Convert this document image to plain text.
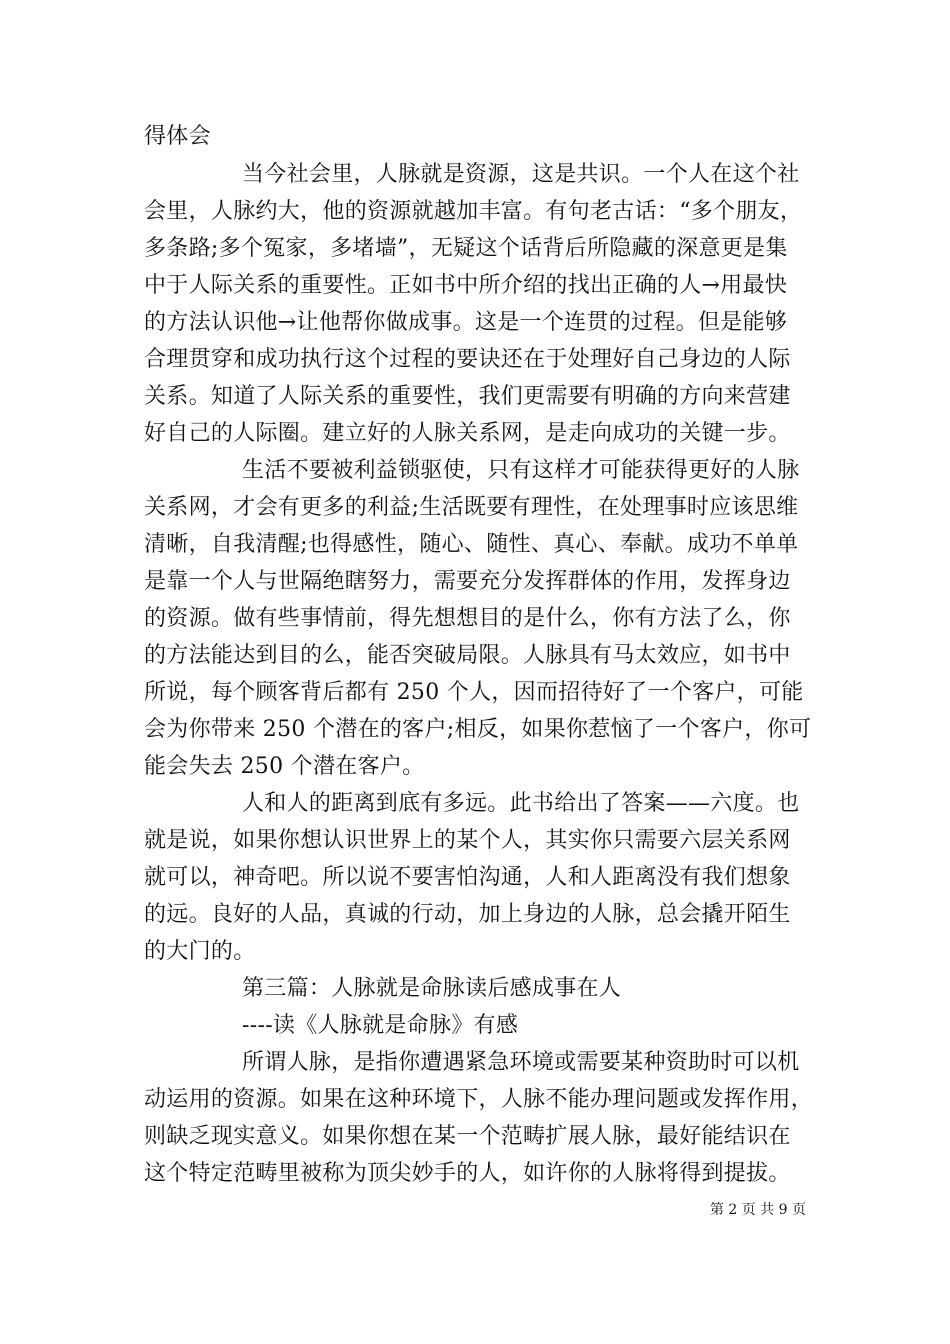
得体会
当今社会里，人脉就是资源，这是共识。一个人在这个社
会里，人脉约大，他的资源就越加丰富。有句老古话：“多个朋友，
多条路;多个冤家，多堵墙”，无疑这个话背后所隐藏的深意更是集
中于人际关系的重要性。正如书中所介绍的找出正确的人→用最快
的方法认识他→让他帮你做成事。这是一个连贯的过程。但是能够
合理贯穿和成功执行这个过程的要诀还在于处理好自己身边的人际
关系。知道了人际关系的重要性，我们更需要有明确的方向来营建
好自己的人际圈。建立好的人脉关系网，是走向成功的关键一步。
生活不要被利益锁驱使，只有这样才可能获得更好的人脉
关系网，才会有更多的利益;生活既要有理性，在处理事时应该思维
清晰，自我清醒;也得感性，随心、随性、真心、奉献。成功不单单
是靠一个人与世隔绝瞎努力，需要充分发挥群体的作用，发挥身边
的资源。做有些事情前，得先想想目的是什么，你有方法了么，你
的方法能达到目的么，能否突破局限。人脉具有马太效应，如书中
所说，每个顾客背后都有 250 个人，因而招待好了一个客户，可能
会为你带来 250 个潜在的客户;相反，如果你惹恼了一个客户，你可
能会失去 250 个潜在客户。
人和人的距离到底有多远。此书给出了答案——六度。也
就是说，如果你想认识世界上的某个人，其实你只需要六层关系网
就可以，神奇吧。所以说不要害怕沟通，人和人距离没有我们想象
的远。良好的人品，真诚的行动，加上身边的人脉，总会撬开陌生
的大门的。
第三篇：人脉就是命脉读后感成事在人
----读《人脉就是命脉》有感
所谓人脉，是指你遭遇紧急环境或需要某种资助时可以机
动运用的资源。如果在这种环境下，人脉不能办理问题或发挥作用，
则缺乏现实意义。如果你想在某一个范畴扩展人脉，最好能结识在
这个特定范畴里被称为顶尖妙手的人，如许你的人脉将得到提拔。
第 2 页 共 9 页
